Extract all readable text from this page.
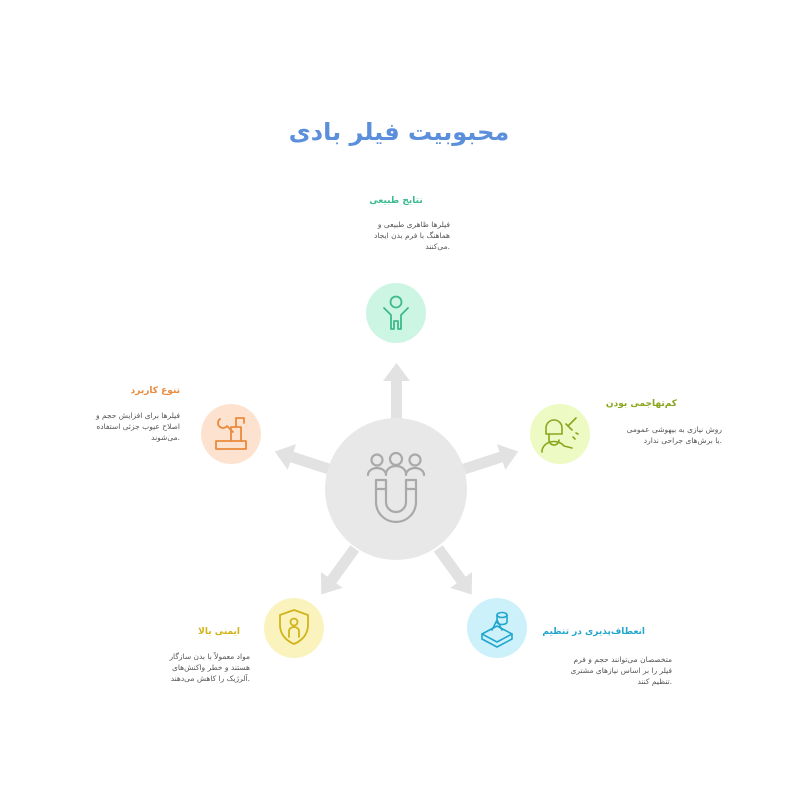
محبوبیت فیلر بادی
نتایج طبیعی
فیلرها ظاهری طبیعی و
هماهنگ با فرم بدن ایجاد
.می‌کنند
کم‌تهاجمی بودن
روش نیازی به بیهوشی عمومی
.یا برش‌های جراحی ندارد
انعطاف‌پذیری در تنظیم
متخصصان می‌توانند حجم و فرم
فیلر را بر اساس نیازهای مشتری
.تنظیم کنند
ایمنی بالا
مواد معمولاً با بدن سازگار
هستند و خطر واکنش‌های
.آلرژیک را کاهش می‌دهند
تنوع کاربرد
فیلرها برای افزایش حجم و
اصلاح عیوب جزئی استفاده
.می‌شوند
